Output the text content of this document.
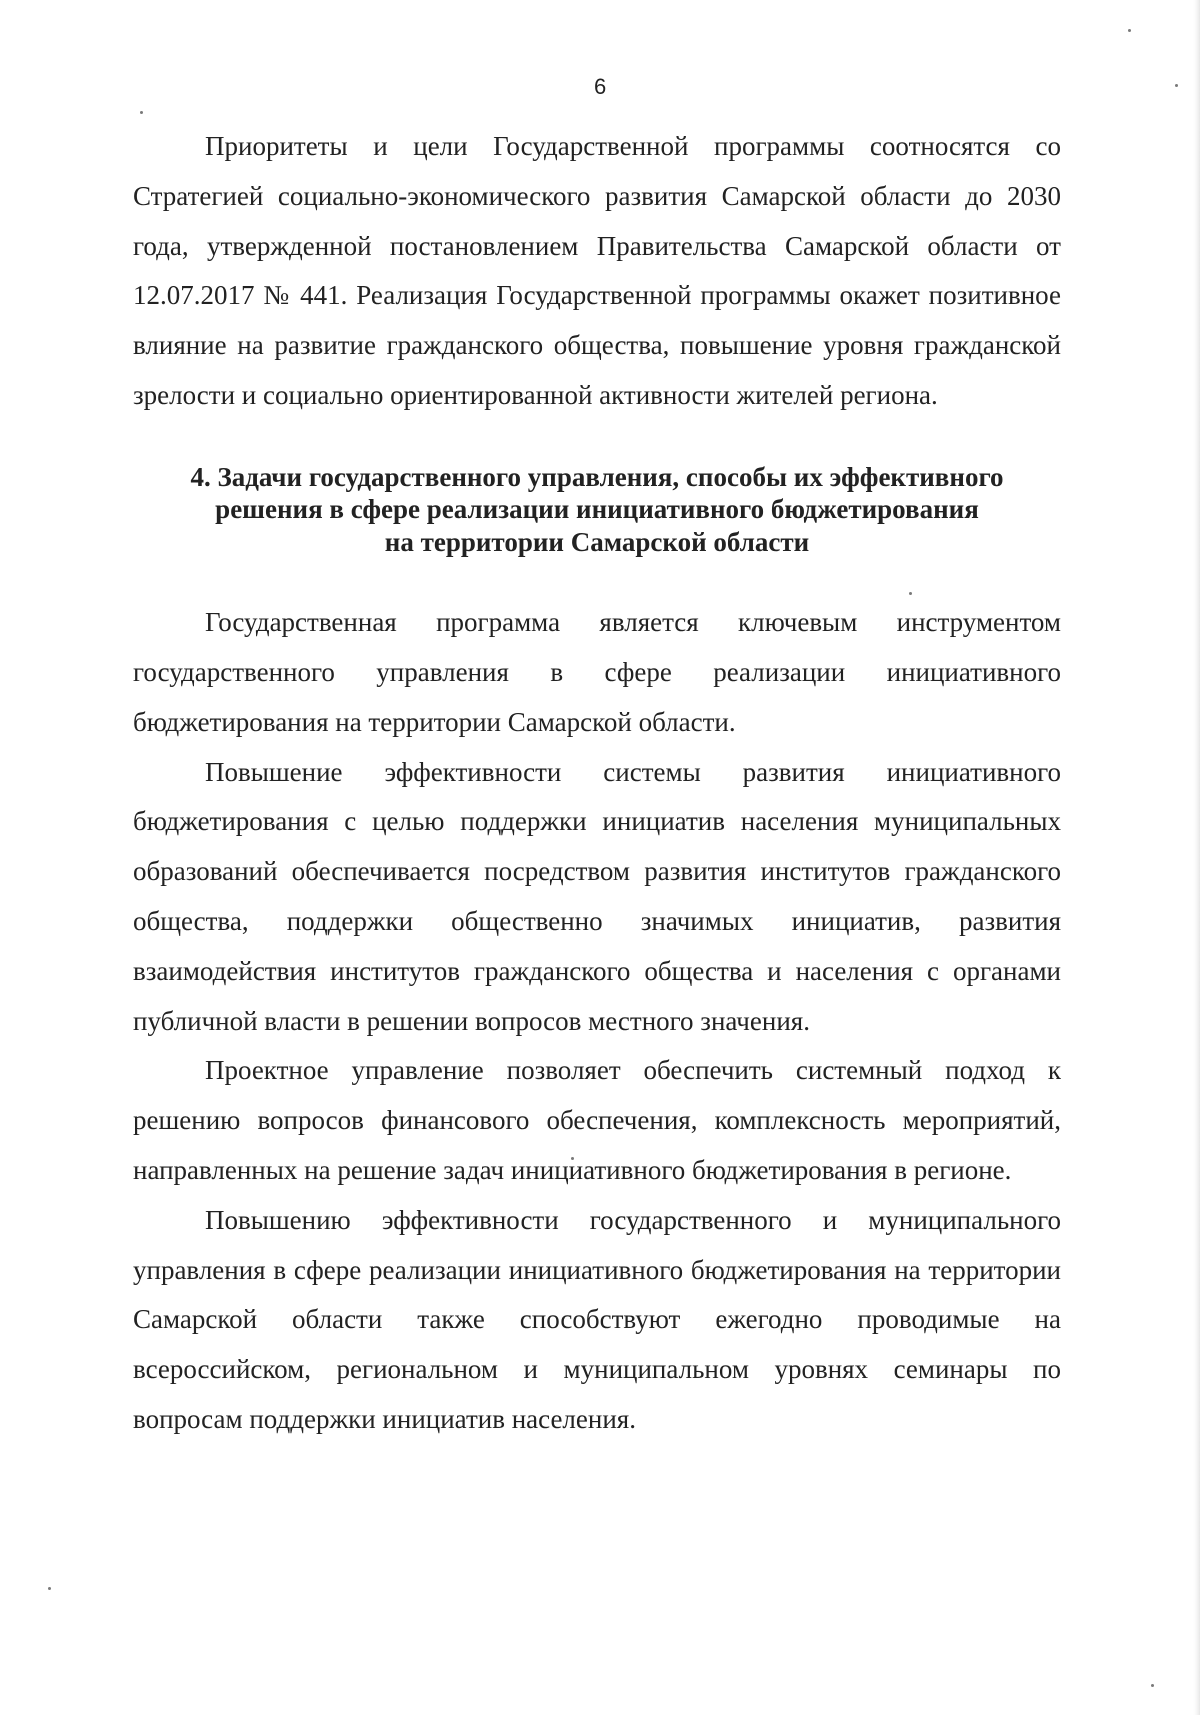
6

Приоритеты и цели Государственной программы соотносятся со Стратегией социально-экономического развития Самарской области до 2030 года, утвержденной постановлением Правительства Самарской области от 12.07.2017 № 441. Реализация Государственной программы окажет позитивное влияние на развитие гражданского общества, повышение уровня гражданской зрелости и социально ориентированной активности жителей региона.

4. Задачи государственного управления, способы их эффективного
решения в сфере реализации инициативного бюджетирования
на территории Самарской области

Государственная программа является ключевым инструментом государственного управления в сфере реализации инициативного бюджетирования на территории Самарской области.

Повышение эффективности системы развития инициативного бюджетирования с целью поддержки инициатив населения муниципальных образований обеспечивается посредством развития институтов гражданского общества, поддержки общественно значимых инициатив, развития взаимодействия институтов гражданского общества и населения с органами публичной власти в решении вопросов местного значения.

Проектное управление позволяет обеспечить системный подход к решению вопросов финансового обеспечения, комплексность мероприятий, направленных на решение задач инициативного бюджетирования в регионе.

Повышению эффективности государственного и муниципального управления в сфере реализации инициативного бюджетирования на территории Самарской области также способствуют ежегодно проводимые на всероссийском, региональном и муниципальном уровнях семинары по вопросам поддержки инициатив населения.
